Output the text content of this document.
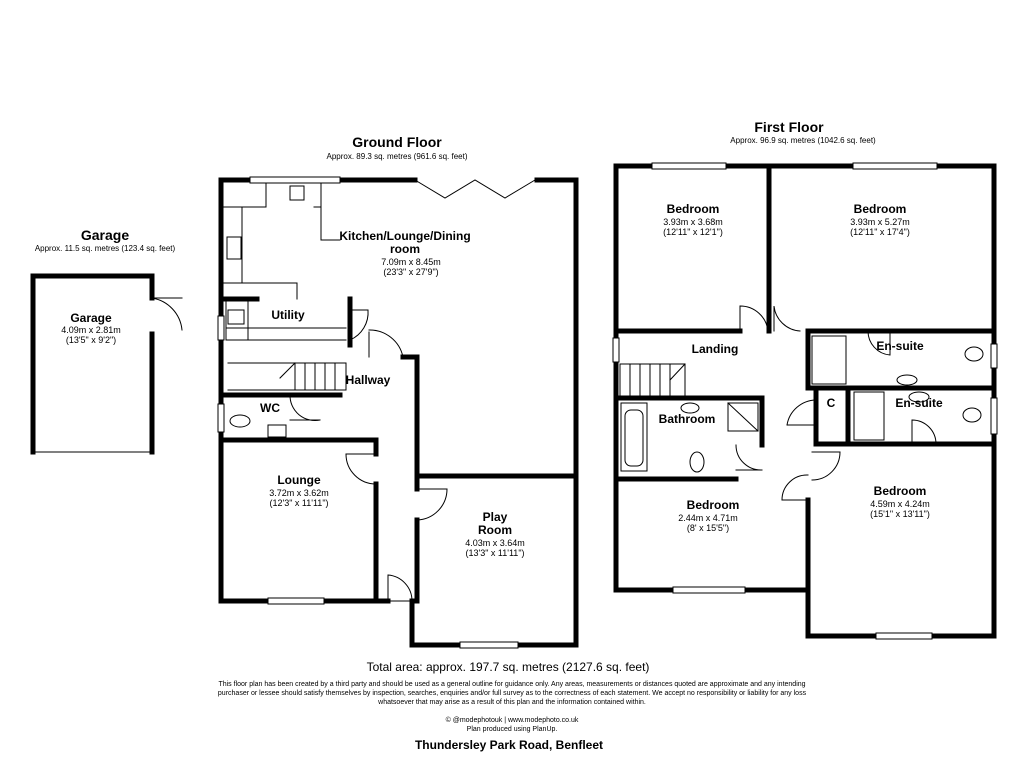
Garage
Approx. 11.5 sq. metres (123.4 sq. feet)
Garage
4.09m x 2.81m
(13'5" x 9'2")
Ground Floor
Approx. 89.3 sq. metres (961.6 sq. feet)
Kitchen/Lounge/Dining
room
7.09m x 8.45m
(23'3" x 27'9")
Utility
Hallway
WC
Lounge
3.72m x 3.62m
(12'3" x 11'11")
Play
Room
4.03m x 3.64m
(13'3" x 11'11")
First Floor
Approx. 96.9 sq. metres (1042.6 sq. feet)
Bedroom
3.93m x 3.68m
(12'11" x 12'1")
Bedroom
3.93m x 5.27m
(12'11" x 17'4")
Landing	En-suite
C	En-suite
Bathroom
Bedroom
2.44m x 4.71m
(8' x 15'5")
Bedroom
4.59m x 4.24m
(15'1" x 13'11")
Total area: approx. 197.7 sq. metres (2127.6 sq. feet)
This floor plan has been created by a third party and should be used as a general outline for guidance only. Any areas, measurements or distances quoted are approximate and any intending
purchaser or lessee should satisfy themselves by inspection, searches, enquiries and/or full survey as to the correctness of each statement. We accept no responsibility or liability for any loss
whatsoever that may arise as a result of this plan and the information contained within.
© @modephotouk | www.modephoto.co.uk
Plan produced using PlanUp.
Thundersley Park Road, Benfleet
